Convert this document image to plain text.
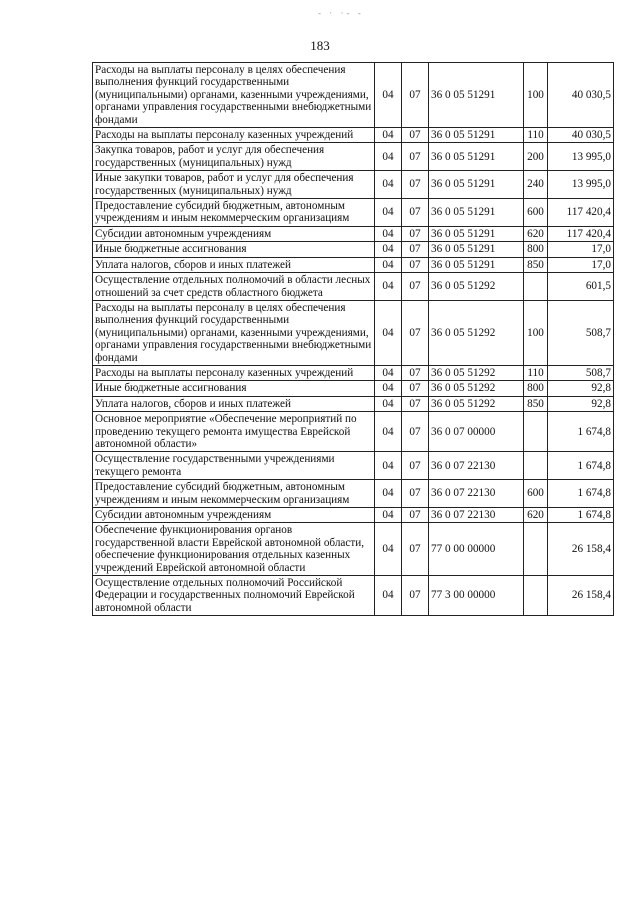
- · ·- -
183
Расходы на выплаты персоналу в целях обеспечения выполнения функций государственными (муниципальными) органами, казенными учреждениями, органами управления государственными внебюджетными фондами	04	07	36 0 05 51291	100	40 030,5
Расходы на выплаты персоналу казенных учреждений	04	07	36 0 05 51291	110	40 030,5
Закупка товаров, работ и услуг для обеспечения государственных (муниципальных) нужд	04	07	36 0 05 51291	200	13 995,0
Иные закупки товаров, работ и услуг для обеспечения государственных (муниципальных) нужд	04	07	36 0 05 51291	240	13 995,0
Предоставление субсидий бюджетным, автономным учреждениям и иным некоммерческим организациям	04	07	36 0 05 51291	600	117 420,4
Субсидии автономным учреждениям	04	07	36 0 05 51291	620	117 420,4
Иные бюджетные ассигнования	04	07	36 0 05 51291	800	17,0
Уплата налогов, сборов и иных платежей	04	07	36 0 05 51291	850	17,0
Осуществление отдельных полномочий в области лесных отношений за счет средств областного бюджета	04	07	36 0 05 51292		601,5
Расходы на выплаты персоналу в целях обеспечения выполнения функций государственными (муниципальными) органами, казенными учреждениями, органами управления государственными внебюджетными фондами	04	07	36 0 05 51292	100	508,7
Расходы на выплаты персоналу казенных учреждений	04	07	36 0 05 51292	110	508,7
Иные бюджетные ассигнования	04	07	36 0 05 51292	800	92,8
Уплата налогов, сборов и иных платежей	04	07	36 0 05 51292	850	92,8
Основное мероприятие «Обеспечение мероприятий по проведению текущего ремонта имущества Еврейской автономной области»	04	07	36 0 07 00000		1 674,8
Осуществление государственными учреждениями текущего ремонта	04	07	36 0 07 22130		1 674,8
Предоставление субсидий бюджетным, автономным учреждениям и иным некоммерческим организациям	04	07	36 0 07 22130	600	1 674,8
Субсидии автономным учреждениям	04	07	36 0 07 22130	620	1 674,8
Обеспечение функционирования органов государственной власти Еврейской автономной области, обеспечение функционирования отдельных казенных учреждений Еврейской автономной области	04	07	77 0 00 00000		26 158,4
Осуществление отдельных полномочий Российской Федерации и государственных полномочий Еврейской автономной области	04	07	77 3 00 00000		26 158,4
